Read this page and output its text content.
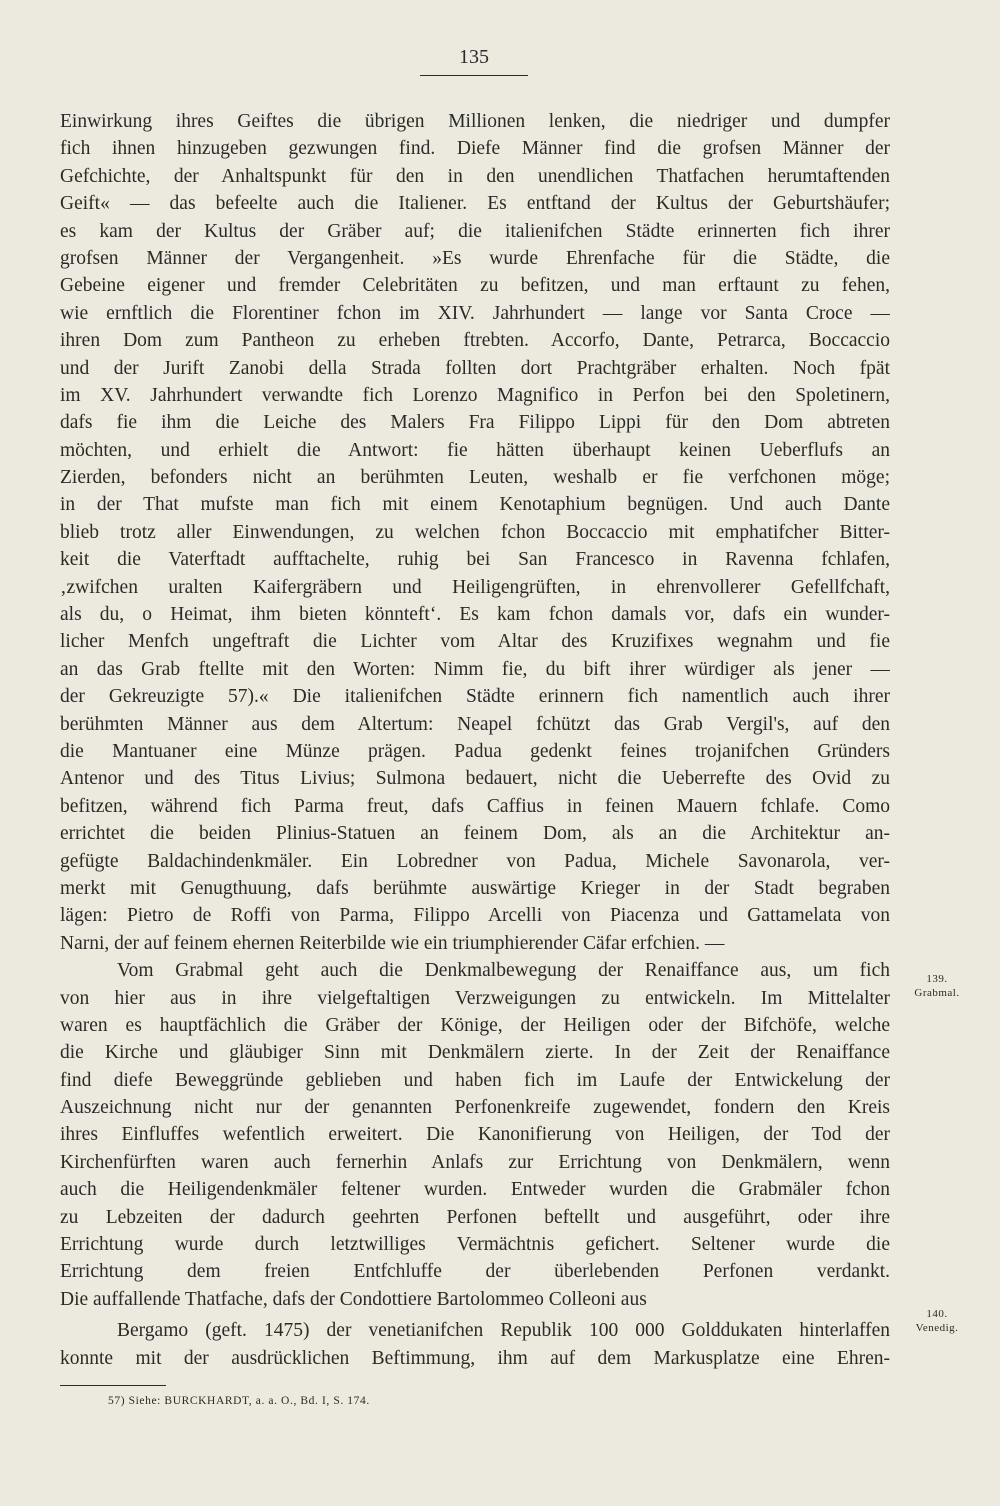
135
Einwirkung ihres Geiftes die übrigen Millionen lenken, die niedriger und dumpfer
fich ihnen hinzugeben gezwungen find. Diefe Männer find die grofsen Männer der
Gefchichte, der Anhaltspunkt für den in den unendlichen Thatfachen herumtaftenden
Geift« — das befeelte auch die Italiener. Es entftand der Kultus der Geburtshäufer;
es kam der Kultus der Gräber auf; die italienifchen Städte erinnerten fich ihrer
grofsen Männer der Vergangenheit. »Es wurde Ehrenfache für die Städte, die
Gebeine eigener und fremder Celebritäten zu befitzen, und man erftaunt zu fehen,
wie ernftlich die Florentiner fchon im XIV. Jahrhundert — lange vor Santa Croce —
ihren Dom zum Pantheon zu erheben ftrebten. Accorfo, Dante, Petrarca, Boccaccio
und der Jurift Zanobi della Strada follten dort Prachtgräber erhalten. Noch fpät
im XV. Jahrhundert verwandte fich Lorenzo Magnifico in Perfon bei den Spoletinern,
dafs fie ihm die Leiche des Malers Fra Filippo Lippi für den Dom abtreten
möchten, und erhielt die Antwort: fie hätten überhaupt keinen Ueberflufs an
Zierden, befonders nicht an berühmten Leuten, weshalb er fie verfchonen möge;
in der That mufste man fich mit einem Kenotaphium begnügen. Und auch Dante
blieb trotz aller Einwendungen, zu welchen fchon Boccaccio mit emphatifcher Bitter-
keit die Vaterftadt aufftachelte, ruhig bei San Francesco in Ravenna fchlafen,
‚zwifchen uralten Kaifergräbern und Heiligengrüften, in ehrenvollerer Gefellfchaft,
als du, o Heimat, ihm bieten könnteft‘. Es kam fchon damals vor, dafs ein wunder-
licher Menfch ungeftraft die Lichter vom Altar des Kruzifixes wegnahm und fie
an das Grab ftellte mit den Worten: Nimm fie, du bift ihrer würdiger als jener —
der Gekreuzigte 57).« Die italienifchen Städte erinnern fich namentlich auch ihrer
berühmten Männer aus dem Altertum: Neapel fchützt das Grab Vergil's, auf den
die Mantuaner eine Münze prägen. Padua gedenkt feines trojanifchen Gründers
Antenor und des Titus Livius; Sulmona bedauert, nicht die Ueberrefte des Ovid zu
befitzen, während fich Parma freut, dafs Caffius in feinen Mauern fchlafe. Como
errichtet die beiden Plinius-Statuen an feinem Dom, als an die Architektur an-
gefügte Baldachindenkmäler. Ein Lobredner von Padua, Michele Savonarola, ver-
merkt mit Genugthuung, dafs berühmte auswärtige Krieger in der Stadt begraben
lägen: Pietro de Roffi von Parma, Filippo Arcelli von Piacenza und Gattamelata von
Narni, der auf feinem ehernen Reiterbilde wie ein triumphierender Cäfar erfchien. —
Vom Grabmal geht auch die Denkmalbewegung der Renaiffance aus, um fich
von hier aus in ihre vielgeftaltigen Verzweigungen zu entwickeln. Im Mittelalter
waren es hauptfächlich die Gräber der Könige, der Heiligen oder der Bifchöfe, welche
die Kirche und gläubiger Sinn mit Denkmälern zierte. In der Zeit der Renaiffance
find diefe Beweggründe geblieben und haben fich im Laufe der Entwickelung der
Auszeichnung nicht nur der genannten Perfonenkreife zugewendet, fondern den Kreis
ihres Einfluffes wefentlich erweitert. Die Kanonifierung von Heiligen, der Tod der
Kirchenfürften waren auch fernerhin Anlafs zur Errichtung von Denkmälern, wenn
auch die Heiligendenkmäler feltener wurden. Entweder wurden die Grabmäler fchon
zu Lebzeiten der dadurch geehrten Perfonen beftellt und ausgeführt, oder ihre
Errichtung wurde durch letztwilliges Vermächtnis gefichert. Seltener wurde die
Errichtung dem freien Entfchluffe der überlebenden Perfonen verdankt.
Die auffallende Thatfache, dafs der Condottiere Bartolommeo Colleoni aus
Bergamo (geft. 1475) der venetianifchen Republik 100 000 Golddukaten hinterlaffen
konnte mit der ausdrücklichen Beftimmung, ihm auf dem Markusplatze eine Ehren-
139.
Grabmal.
140.
Venedig.
57) Siehe: BURCKHARDT, a. a. O., Bd. I, S. 174.
